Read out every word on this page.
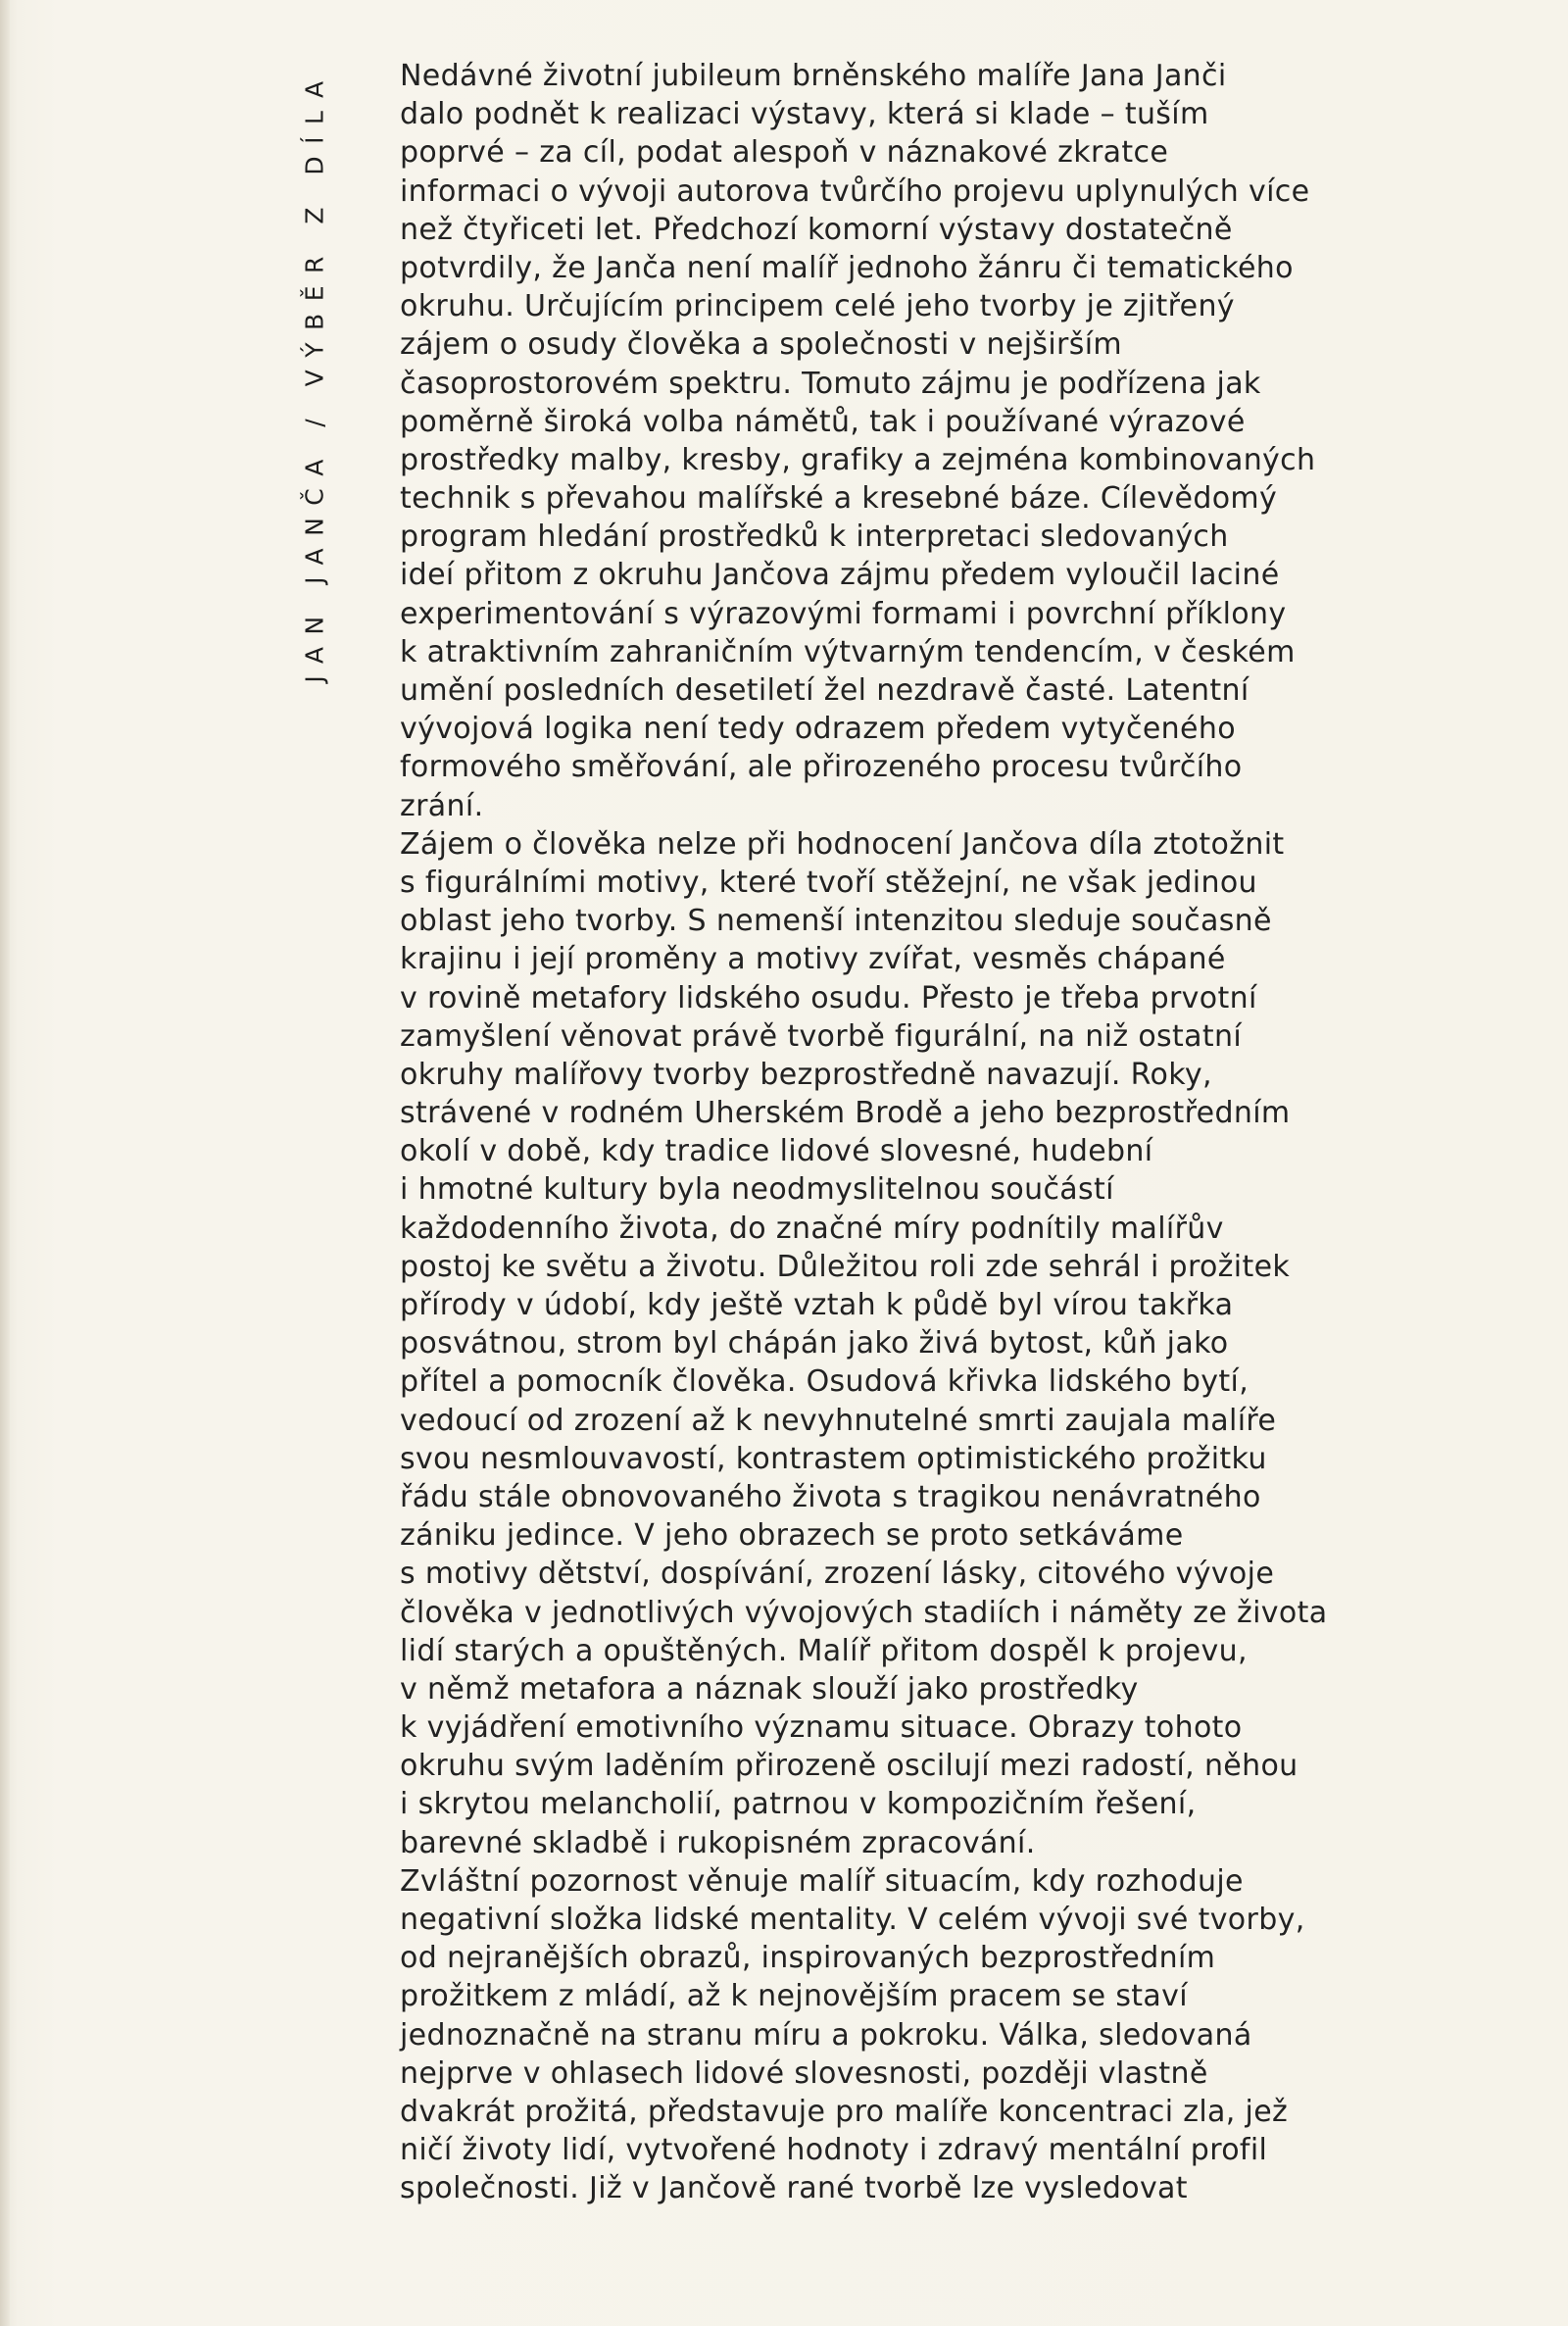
JAN JANČA / VÝBĚR Z DÍLA Nedávné životní jubileum brněnského malíře Jana Janči
dalo podnět k realizaci výstavy, která si klade – tuším
poprvé – za cíl, podat alespoň v náznakové zkratce
informaci o vývoji autorova tvůrčího projevu uplynulých více
než čtyřiceti let. Předchozí komorní výstavy dostatečně
potvrdily, že Janča není malíř jednoho žánru či tematického
okruhu. Určujícím principem celé jeho tvorby je zjitřený
zájem o osudy člověka a společnosti v nejširším
časoprostorovém spektru. Tomuto zájmu je podřízena jak
poměrně široká volba námětů, tak i používané výrazové
prostředky malby, kresby, grafiky a zejména kombinovaných
technik s převahou malířské a kresebné báze. Cílevědomý
program hledání prostředků k interpretaci sledovaných
ideí přitom z okruhu Jančova zájmu předem vyloučil laciné
experimentování s výrazovými formami i povrchní příklony
k atraktivním zahraničním výtvarným tendencím, v českém
umění posledních desetiletí žel nezdravě časté. Latentní
vývojová logika není tedy odrazem předem vytyčeného
formového směřování, ale přirozeného procesu tvůrčího
zrání.
Zájem o člověka nelze při hodnocení Jančova díla ztotožnit
s figurálními motivy, které tvoří stěžejní, ne však jedinou
oblast jeho tvorby. S nemenší intenzitou sleduje současně
krajinu i její proměny a motivy zvířat, vesměs chápané
v rovině metafory lidského osudu. Přesto je třeba prvotní
zamyšlení věnovat právě tvorbě figurální, na niž ostatní
okruhy malířovy tvorby bezprostředně navazují. Roky,
strávené v rodném Uherském Brodě a jeho bezprostředním
okolí v době, kdy tradice lidové slovesné, hudební
i hmotné kultury byla neodmyslitelnou součástí
každodenního života, do značné míry podnítily malířův
postoj ke světu a životu. Důležitou roli zde sehrál i prožitek
přírody v údobí, kdy ještě vztah k půdě byl vírou takřka
posvátnou, strom byl chápán jako živá bytost, kůň jako
přítel a pomocník člověka. Osudová křivka lidského bytí,
vedoucí od zrození až k nevyhnutelné smrti zaujala malíře
svou nesmlouvavostí, kontrastem optimistického prožitku
řádu stále obnovovaného života s tragikou nenávratného
zániku jedince. V jeho obrazech se proto setkáváme
s motivy dětství, dospívání, zrození lásky, citového vývoje
člověka v jednotlivých vývojových stadiích i náměty ze života
lidí starých a opuštěných. Malíř přitom dospěl k projevu,
v němž metafora a náznak slouží jako prostředky
k vyjádření emotivního významu situace. Obrazy tohoto
okruhu svým laděním přirozeně oscilují mezi radostí, něhou
i skrytou melancholií, patrnou v kompozičním řešení,
barevné skladbě i rukopisném zpracování.
Zvláštní pozornost věnuje malíř situacím, kdy rozhoduje
negativní složka lidské mentality. V celém vývoji své tvorby,
od nejranějších obrazů, inspirovaných bezprostředním
prožitkem z mládí, až k nejnovějším pracem se staví
jednoznačně na stranu míru a pokroku. Válka, sledovaná
nejprve v ohlasech lidové slovesnosti, později vlastně
dvakrát prožitá, představuje pro malíře koncentraci zla, jež
ničí životy lidí, vytvořené hodnoty i zdravý mentální profil
společnosti. Již v Jančově rané tvorbě lze vysledovat
